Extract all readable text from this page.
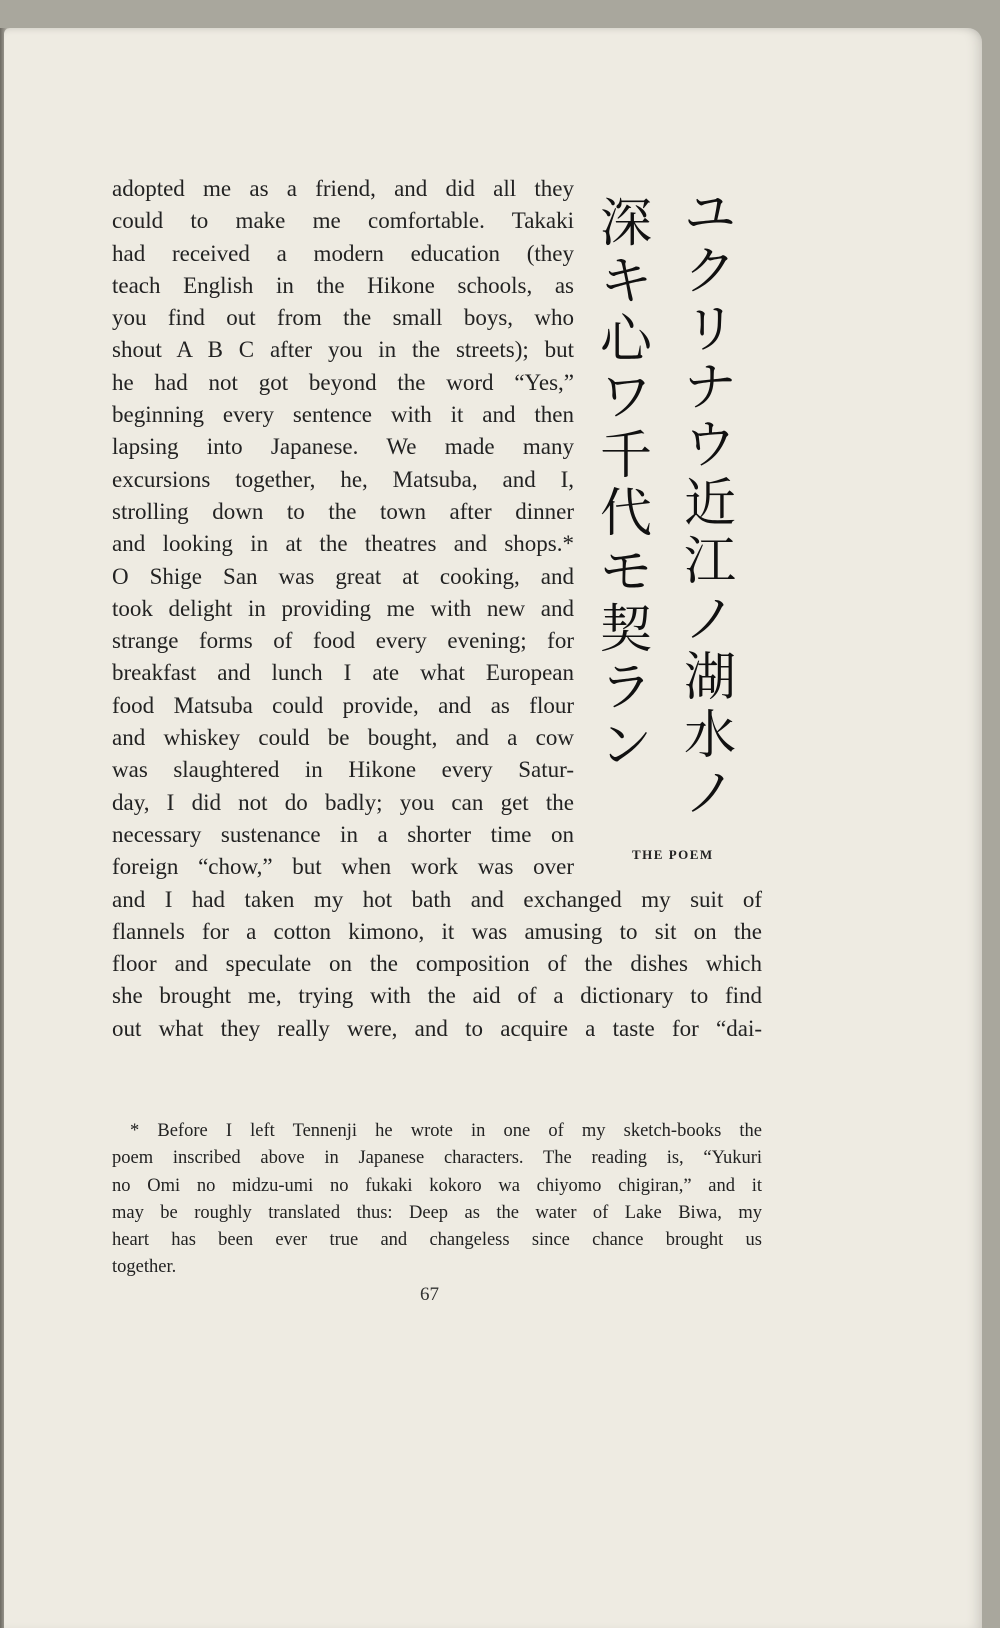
adopted me as a friend, and did all they
could to make me comfortable. Takaki
had received a modern education (they
teach English in the Hikone schools, as
you find out from the small boys, who
shout A B C after you in the streets); but
he had not got beyond the word “Yes,”
beginning every sentence with it and then
lapsing into Japanese. We made many
excursions together, he, Matsuba, and I,
strolling down to the town after dinner
and looking in at the theatres and shops.*
O Shige San was great at cooking, and
took delight in providing me with new and
strange forms of food every evening; for
breakfast and lunch I ate what European
food Matsuba could provide, and as flour
and whiskey could be bought, and a cow
was slaughtered in Hikone every Satur-
day, I did not do badly; you can get the
necessary sustenance in a shorter time on
foreign “chow,” but when work was over
and I had taken my hot bath and exchanged my suit of
flannels for a cotton kimono, it was amusing to sit on the
floor and speculate on the composition of the dishes which
she brought me, trying with the aid of a dictionary to find
out what they really were, and to acquire a taste for “dai-
ユ
ク
リ
ナ
ウ
近
江
ノ
湖
水
ノ
深
キ
心
ワ
千
代
モ
契
ラ
ン
THE POEM
* Before I left Tennenji he wrote in one of my sketch-books the
poem inscribed above in Japanese characters. The reading is, “Yukuri
no Omi no midzu-umi no fukaki kokoro wa chiyomo chigiran,” and it
may be roughly translated thus: Deep as the water of Lake Biwa, my
heart has been ever true and changeless since chance brought us
together.
67
